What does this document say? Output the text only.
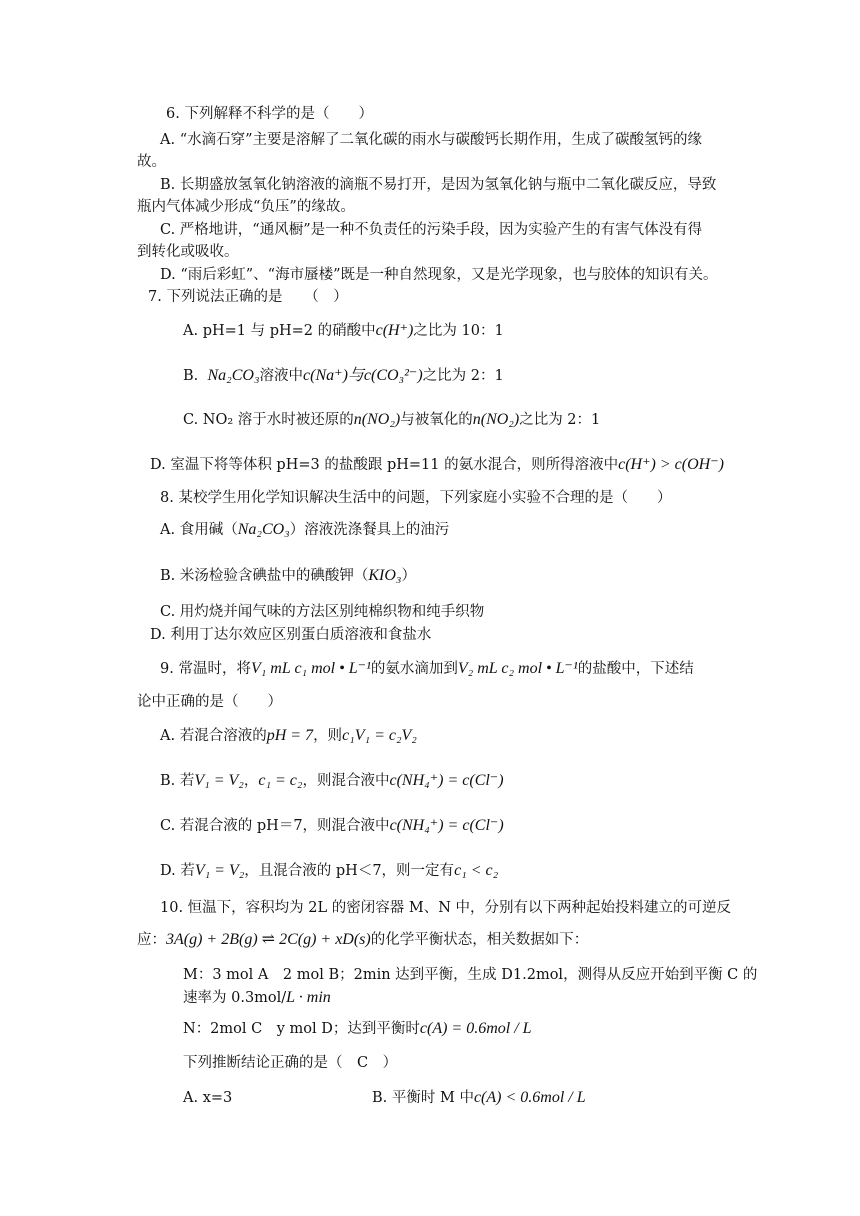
6. 下列解释不科学的是（　　）
A. “水滴石穿”主要是溶解了二氧化碳的雨水与碳酸钙长期作用，生成了碳酸氢钙的缘
故。
B. 长期盛放氢氧化钠溶液的滴瓶不易打开，是因为氢氧化钠与瓶中二氧化碳反应，导致
瓶内气体减少形成“负压”的缘故。
C. 严格地讲，“通风橱”是一种不负责任的污染手段，因为实验产生的有害气体没有得
到转化或吸收。
D. “雨后彩虹”、“海市蜃楼”既是一种自然现象，又是光学现象，也与胶体的知识有关。
7. 下列说法正确的是　　（　）
A. pH=1 与 pH=2 的硝酸中c(H⁺)之比为 10：1
B. Na₂CO₃溶液中c(Na⁺)与c(CO₃²⁻)之比为 2：1
C. NO₂ 溶于水时被还原的n(NO₂)与被氧化的n(NO₂)之比为 2：1
D. 室温下将等体积 pH=3 的盐酸跟 pH=11 的氨水混合，则所得溶液中c(H⁺) > c(OH⁻)
8. 某校学生用化学知识解决生活中的问题，下列家庭小实验不合理的是（　　）
A. 食用碱（Na₂CO₃）溶液洗涤餐具上的油污
B. 米汤检验含碘盐中的碘酸钾（KIO₃）
C. 用灼烧并闻气味的方法区别纯棉织物和纯手织物
D. 利用丁达尔效应区别蛋白质溶液和食盐水
9. 常温时，将V₁ mL c₁ mol • L⁻¹的氨水滴加到V₂ mL c₂ mol • L⁻¹的盐酸中，下述结
论中正确的是（　　）
A. 若混合溶液的pH = 7，则c₁V₁ = c₂V₂
B. 若V₁ = V₂，c₁ = c₂，则混合液中c(NH₄⁺) = c(Cl⁻)
C. 若混合液的 pH＝7，则混合液中c(NH₄⁺) = c(Cl⁻)
D. 若V₁ = V₂，且混合液的 pH＜7，则一定有c₁ < c₂
10. 恒温下，容积均为 2L 的密闭容器 M、N 中，分别有以下两种起始投料建立的可逆反
应：3A(g) + 2B(g) ⇌ 2C(g) + xD(s)的化学平衡状态，相关数据如下：
M：3 mol A　2 mol B；2min 达到平衡，生成 D1.2mol，测得从反应开始到平衡 C 的
速率为 0.3mol/L · min
N：2mol C　y mol D；达到平衡时c(A) = 0.6mol / L
下列推断结论正确的是（　C　）
A. x=3	B. 平衡时 M 中c(A) < 0.6mol / L
